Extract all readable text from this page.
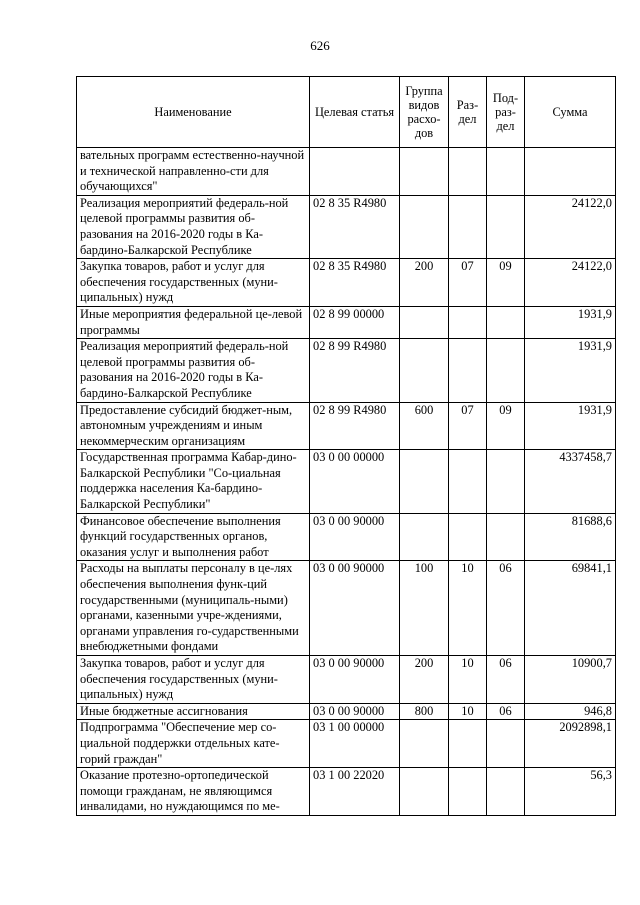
626
Наименование	Целевая статья	Группа видов расхо-дов	Раз-дел	Под-раз-дел	Сумма
вательных программ естественно-научной и технической направленно-сти для обучающихся"					
Реализация мероприятий федераль-ной целевой программы развития об-разования на 2016-2020 годы в Ка-бардино-Балкарской Республике	02 8 35 R4980				24122,0
Закупка товаров, работ и услуг для обеспечения государственных (муни-ципальных) нужд	02 8 35 R4980	200	07	09	24122,0
Иные мероприятия федеральной це-левой программы	02 8 99 00000				1931,9
Реализация мероприятий федераль-ной целевой программы развития об-разования на 2016-2020 годы в Ка-бардино-Балкарской Республике	02 8 99 R4980				1931,9
Предоставление субсидий бюджет-ным, автономным учреждениям и иным некоммерческим организациям	02 8 99 R4980	600	07	09	1931,9
Государственная программа Кабар-дино-Балкарской Республики "Со-циальная поддержка населения Ка-бардино-Балкарской Республики"	03 0 00 00000				4337458,7
Финансовое обеспечение выполнения функций государственных органов, оказания услуг и выполнения работ	03 0 00 90000				81688,6
Расходы на выплаты персоналу в це-лях обеспечения выполнения функ-ций государственными (муниципаль-ными) органами, казенными учре-ждениями, органами управления го-сударственными внебюджетными фондами	03 0 00 90000	100	10	06	69841,1
Закупка товаров, работ и услуг для обеспечения государственных (муни-ципальных) нужд	03 0 00 90000	200	10	06	10900,7
Иные бюджетные ассигнования	03 0 00 90000	800	10	06	946,8
Подпрограмма "Обеспечение мер со-циальной поддержки отдельных кате-горий граждан"	03 1 00 00000				2092898,1
Оказание протезно-ортопедической помощи гражданам, не являющимся инвалидами, но нуждающимся по ме-	03 1 00 22020				56,3
